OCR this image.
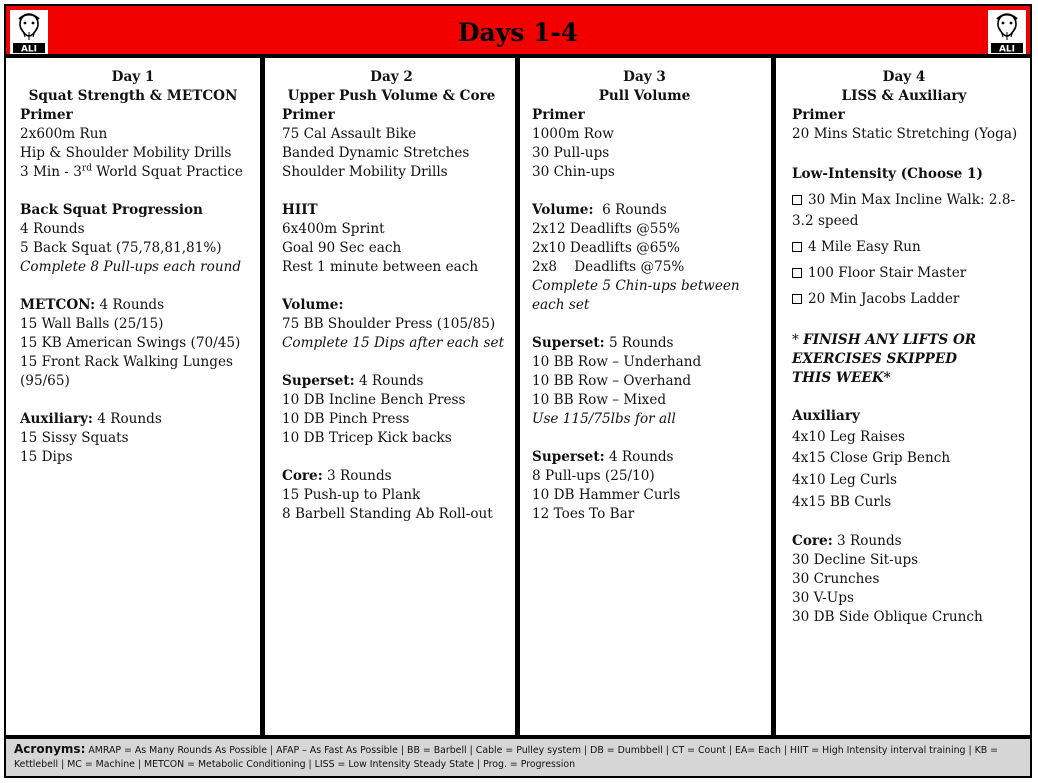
ALI
Days 1-4
ALI
Day 1
Squat Strength & METCON
Primer
2x600m Run
Hip & Shoulder Mobility Drills
3 Min - 3rd World Squat Practice
Back Squat Progression
4 Rounds
5 Back Squat (75,78,81,81%)
Complete 8 Pull-ups each round
METCON: 4 Rounds
15 Wall Balls (25/15)
15 KB American Swings (70/45)
15 Front Rack Walking Lunges
(95/65)
Auxiliary: 4 Rounds
15 Sissy Squats
15 Dips
Day 2
Upper Push Volume & Core
Primer
75 Cal Assault Bike
Banded Dynamic Stretches
Shoulder Mobility Drills
HIIT
6x400m Sprint
Goal 90 Sec each
Rest 1 minute between each
Volume:
75 BB Shoulder Press (105/85)
Complete 15 Dips after each set
Superset: 4 Rounds
10 DB Incline Bench Press
10 DB Pinch Press
10 DB Tricep Kick backs
Core: 3 Rounds
15 Push-up to Plank
8 Barbell Standing Ab Roll-out
Day 3
Pull Volume
Primer
1000m Row
30 Pull-ups
30 Chin-ups
Volume:  6 Rounds
2x12 Deadlifts @55%
2x10 Deadlifts @65%
2x8    Deadlifts @75%
Complete 5 Chin-ups between each set
Superset: 5 Rounds
10 BB Row – Underhand
10 BB Row – Overhand
10 BB Row – Mixed
Use 115/75lbs for all
Superset: 4 Rounds
8 Pull-ups (25/10)
10 DB Hammer Curls
12 Toes To Bar
Day 4
LISS & Auxiliary
Primer
20 Mins Static Stretching (Yoga)
Low-Intensity (Choose 1)
30 Min Max Incline Walk: 2.8-3.2 speed
4 Mile Easy Run
100 Floor Stair Master
20 Min Jacobs Ladder
* FINISH ANY LIFTS OR EXERCISES SKIPPED THIS WEEK*
Auxiliary
4x10 Leg Raises
4x15 Close Grip Bench
4x10 Leg Curls
4x15 BB Curls
Core: 3 Rounds
30 Decline Sit-ups
30 Crunches
30 V-Ups
30 DB Side Oblique Crunch
Acronyms: AMRAP = As Many Rounds As Possible | AFAP – As Fast As Possible | BB = Barbell | Cable = Pulley system | DB = Dumbbell | CT = Count | EA= Each | HIIT = High Intensity interval training | KB = Kettlebell | MC = Machine | METCON = Metabolic Conditioning | LISS = Low Intensity Steady State | Prog. = Progression
